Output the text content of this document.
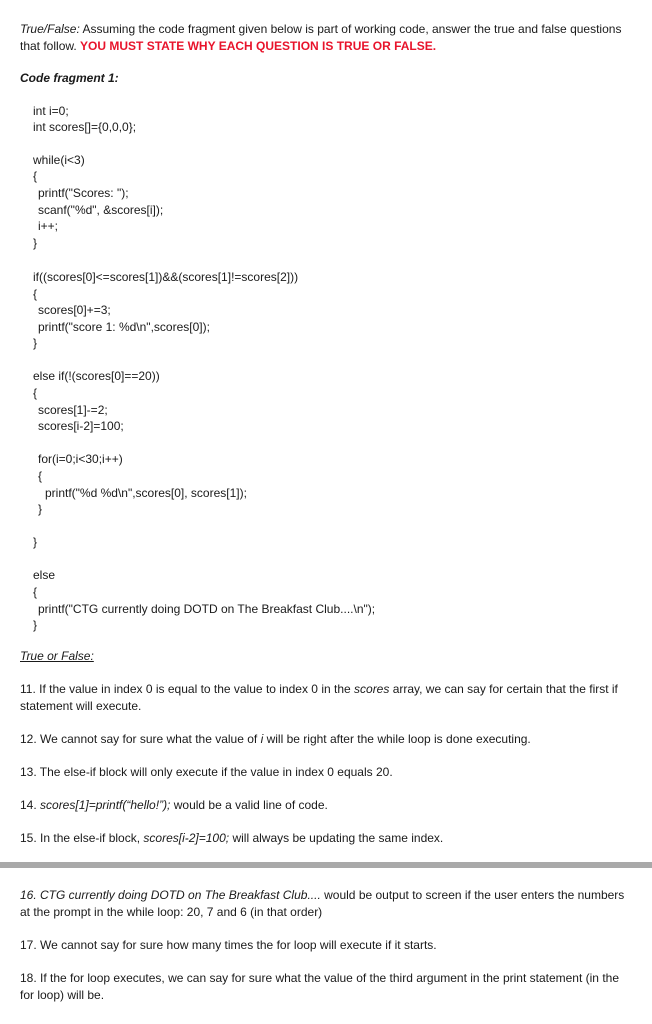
True/False: Assuming the code fragment given below is part of working code, answer the true and false questions that follow. YOU MUST STATE WHY EACH QUESTION IS TRUE OR FALSE.
Code fragment 1:
int i=0;
int scores[]={0,0,0};
while(i<3)
{
printf("Scores: ");
scanf("%d", &scores[i]);
i++;
}
if((scores[0]<=scores[1])&&(scores[1]!=scores[2]))
{
scores[0]+=3;
printf("score 1: %d\n",scores[0]);
}
else if(!(scores[0]==20))
{
scores[1]-=2;
scores[i-2]=100;
for(i=0;i<30;i++)
{
printf("%d %d\n",scores[0], scores[1]);
}
}
else
{
printf("CTG currently doing DOTD on The Breakfast Club....\n");
}
True or False:
11. If the value in index 0 is equal to the value to index 0 in the scores array, we can say for certain that the first if statement will execute.
12. We cannot say for sure what the value of i will be right after the while loop is done executing.
13. The else-if block will only execute if the value in index 0 equals 20.
14. scores[1]=printf(“hello!”); would be a valid line of code.
15. In the else-if block, scores[i-2]=100; will always be updating the same index.
16. CTG currently doing DOTD on The Breakfast Club.... would be output to screen if the user enters the numbers at the prompt in the while loop: 20, 7 and 6 (in that order)
17. We cannot say for sure how many times the for loop will execute if it starts.
18. If the for loop executes, we can say for sure what the value of the third argument in the print statement (in the for loop) will be.
